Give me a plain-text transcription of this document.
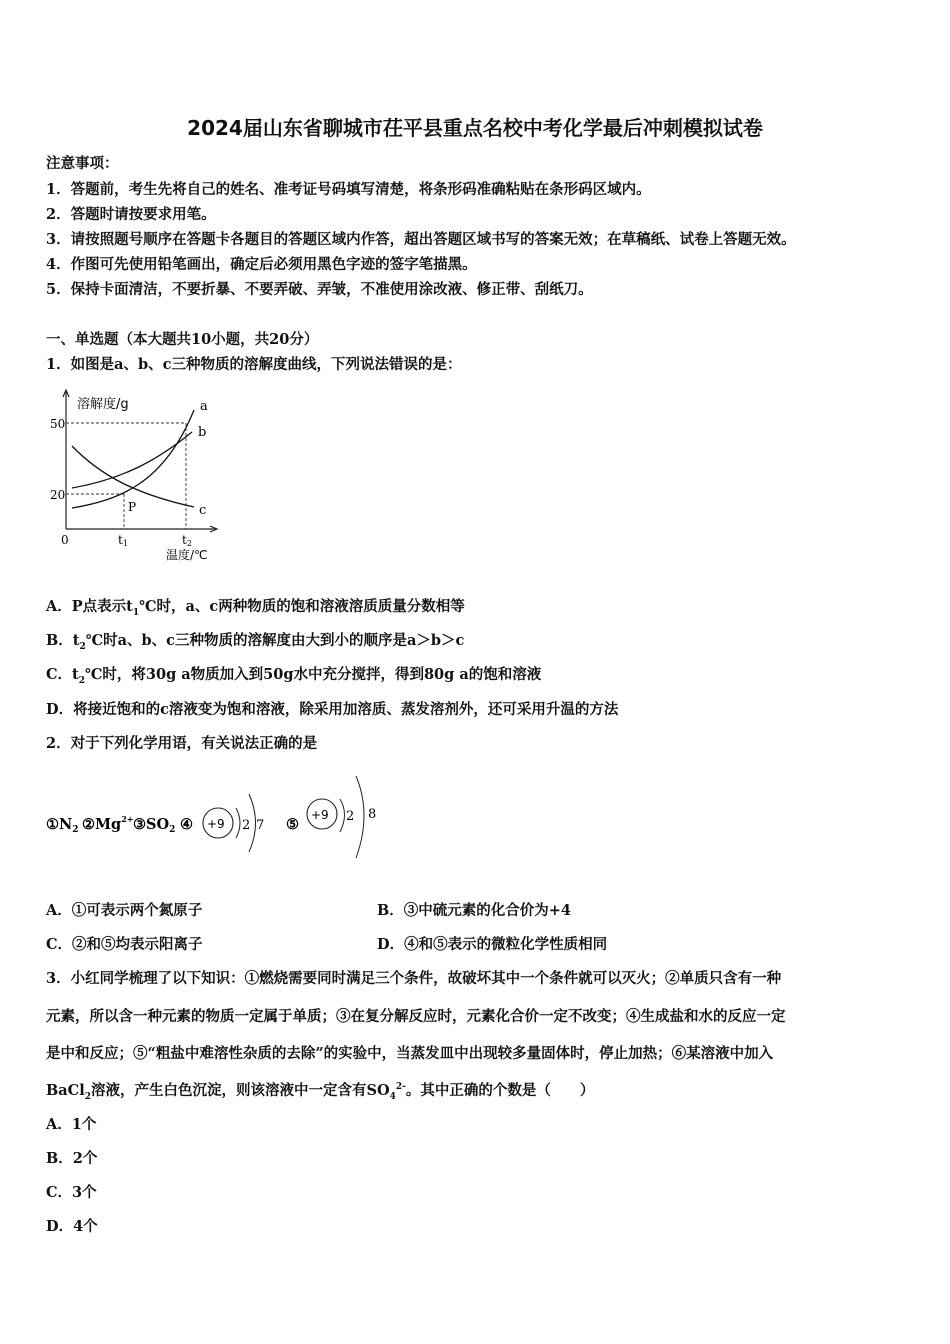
2024届山东省聊城市茌平县重点名校中考化学最后冲刺模拟试卷
注意事项：
1．答题前，考生先将自己的姓名、准考证号码填写清楚，将条形码准确粘贴在条形码区域内。
2．答题时请按要求用笔。
3．请按照题号顺序在答题卡各题目的答题区域内作答，超出答题区域书写的答案无效；在草稿纸、试卷上答题无效。
4．作图可先使用铅笔画出，确定后必须用黑色字迹的签字笔描黑。
5．保持卡面清洁，不要折暴、不要弄破、弄皱，不准使用涂改液、修正带、刮纸刀。
一、单选题（本大题共10小题，共20分）
1．如图是a、b、c三种物质的溶解度曲线，下列说法错误的是：
溶解度/g
50
20
0	t1	t2
温度/℃
a
b
c
P
A．P点表示$t_1℃$时，a、c两种物质的饱和溶液溶质质量分数相等
B．$t_2℃$时a、b、c三种物质的溶解度由大到小的顺序是a＞b＞c
C．$t_2℃$时，将30g a物质加入到50g水中充分搅拌，得到80g a的饱和溶液
D．将接近饱和的c溶液变为饱和溶液，除采用加溶质、蒸发溶剂外，还可采用升温的方法
2．对于下列化学用语，有关说法正确的是
$①N_2$ $②Mg^{2+}$ $③SO_2$ ④ +9 2 7 ⑤
+9 2 8
A．①可表示两个氮原子	B．③中硫元素的化合价为+4
C．②和⑤均表示阳离子	D．④和⑤表示的微粒化学性质相同
3．小红同学梳理了以下知识：①燃烧需要同时满足三个条件，故破坏其中一个条件就可以灭火；②单质只含有一种
元素，所以含一种元素的物质一定属于单质；③在复分解反应时，元素化合价一定不改变；④生成盐和水的反应一定
是中和反应；⑤“粗盐中难溶性杂质的去除”的实验中，当蒸发皿中出现较多量固体时，停止加热；⑥某溶液中加入
BaCl$_2$溶液，产生白色沉淀，则该溶液中一定含有$SO_4^{2-}$。其中正确的个数是（　　）
A．1个
B．2个
C．3个
D．4个
